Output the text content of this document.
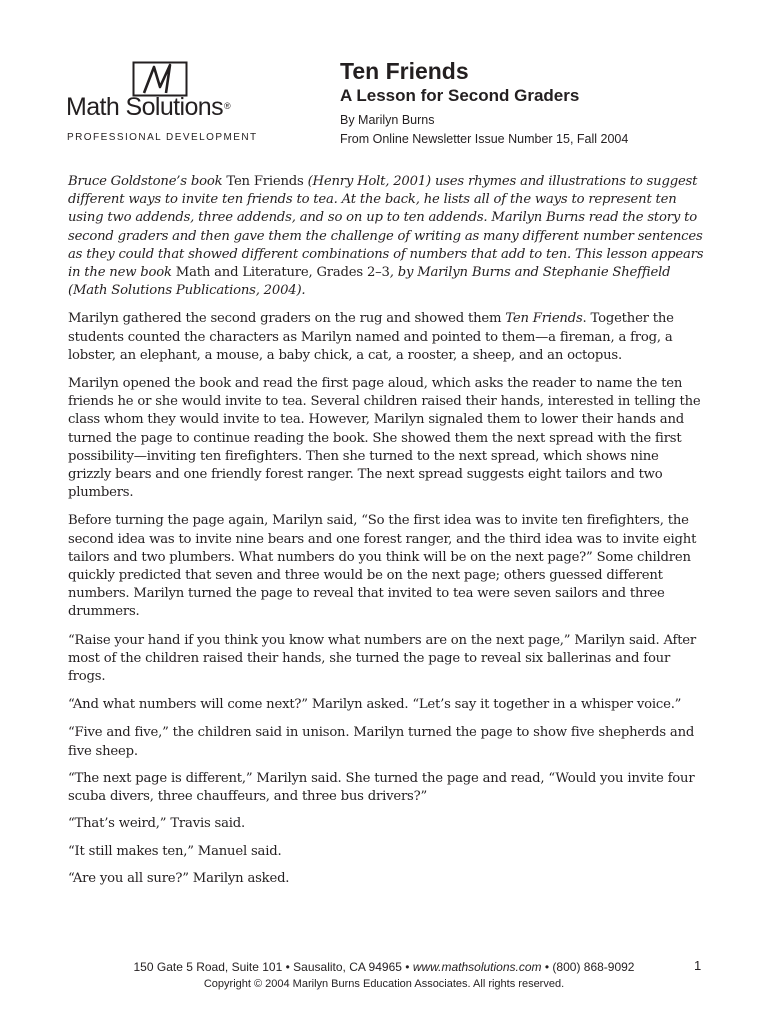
Math Solutions®
PROFESSIONAL DEVELOPMENT
Ten Friends
A Lesson for Second Graders
By Marilyn Burns
From Online Newsletter Issue Number 15, Fall 2004

Bruce Goldstone’s book Ten Friends (Henry Holt, 2001) uses rhymes and illustrations to suggest different ways to invite ten friends to tea. At the back, he lists all of the ways to represent ten using two addends, three addends, and so on up to ten addends. Marilyn Burns read the story to second graders and then gave them the challenge of writing as many different number sentences as they could that showed different combinations of numbers that add to ten. This lesson appears in the new book Math and Literature, Grades 2–3, by Marilyn Burns and Stephanie Sheffield (Math Solutions Publications, 2004).

Marilyn gathered the second graders on the rug and showed them Ten Friends. Together the students counted the characters as Marilyn named and pointed to them—a fireman, a frog, a lobster, an elephant, a mouse, a baby chick, a cat, a rooster, a sheep, and an octopus.

Marilyn opened the book and read the first page aloud, which asks the reader to name the ten friends he or she would invite to tea. Several children raised their hands, interested in telling the class whom they would invite to tea. However, Marilyn signaled them to lower their hands and turned the page to continue reading the book. She showed them the next spread with the first possibility—inviting ten firefighters. Then she turned to the next spread, which shows nine grizzly bears and one friendly forest ranger. The next spread suggests eight tailors and two plumbers.

Before turning the page again, Marilyn said, “So the first idea was to invite ten firefighters, the second idea was to invite nine bears and one forest ranger, and the third idea was to invite eight tailors and two plumbers. What numbers do you think will be on the next page?” Some children quickly predicted that seven and three would be on the next page; others guessed different numbers. Marilyn turned the page to reveal that invited to tea were seven sailors and three drummers.

“Raise your hand if you think you know what numbers are on the next page,” Marilyn said. After most of the children raised their hands, she turned the page to reveal six ballerinas and four frogs.

“And what numbers will come next?” Marilyn asked. “Let’s say it together in a whisper voice.”

“Five and five,” the children said in unison. Marilyn turned the page to show five shepherds and five sheep.

“The next page is different,” Marilyn said. She turned the page and read, “Would you invite four scuba divers, three chauffeurs, and three bus drivers?”

“That’s weird,” Travis said.

“It still makes ten,” Manuel said.

“Are you all sure?” Marilyn asked.

150 Gate 5 Road, Suite 101 • Sausalito, CA 94965 • www.mathsolutions.com • (800) 868-9092
Copyright © 2004 Marilyn Burns Education Associates. All rights reserved.
1
